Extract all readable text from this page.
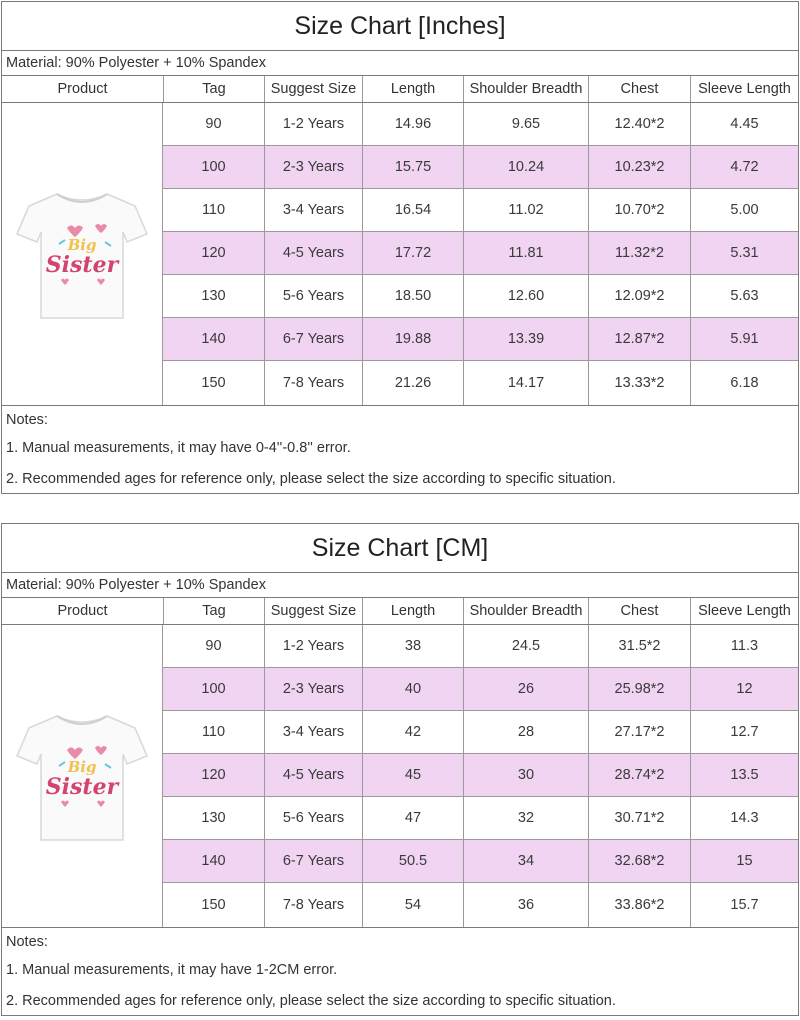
Size Chart [Inches]
Material: 90% Polyester + 10% Spandex
Product	Tag	Suggest Size	Length	Shoulder Breadth	Chest	Sleeve Length
Big
Sister
90	1-2 Years	14.96	9.65	12.40*2	4.45
100	2-3 Years	15.75	10.24	10.23*2	4.72
110	3-4 Years	16.54	11.02	10.70*2	5.00
120	4-5 Years	17.72	11.81	11.32*2	5.31
130	5-6 Years	18.50	12.60	12.09*2	5.63
140	6-7 Years	19.88	13.39	12.87*2	5.91
150	7-8 Years	21.26	14.17	13.33*2	6.18
Notes:
1. Manual measurements, it may have 0-4''-0.8'' error.
2. Recommended ages for reference only, please select the size according to specific situation.
Size Chart [CM]
Material: 90% Polyester + 10% Spandex
Product	Tag	Suggest Size	Length	Shoulder Breadth	Chest	Sleeve Length
Big
Sister
90	1-2 Years	38	24.5	31.5*2	11.3
100	2-3 Years	40	26	25.98*2	12
110	3-4 Years	42	28	27.17*2	12.7
120	4-5 Years	45	30	28.74*2	13.5
130	5-6 Years	47	32	30.71*2	14.3
140	6-7 Years	50.5	34	32.68*2	15
150	7-8 Years	54	36	33.86*2	15.7
Notes:
1. Manual measurements, it may have 1-2CM error.
2. Recommended ages for reference only, please select the size according to specific situation.
